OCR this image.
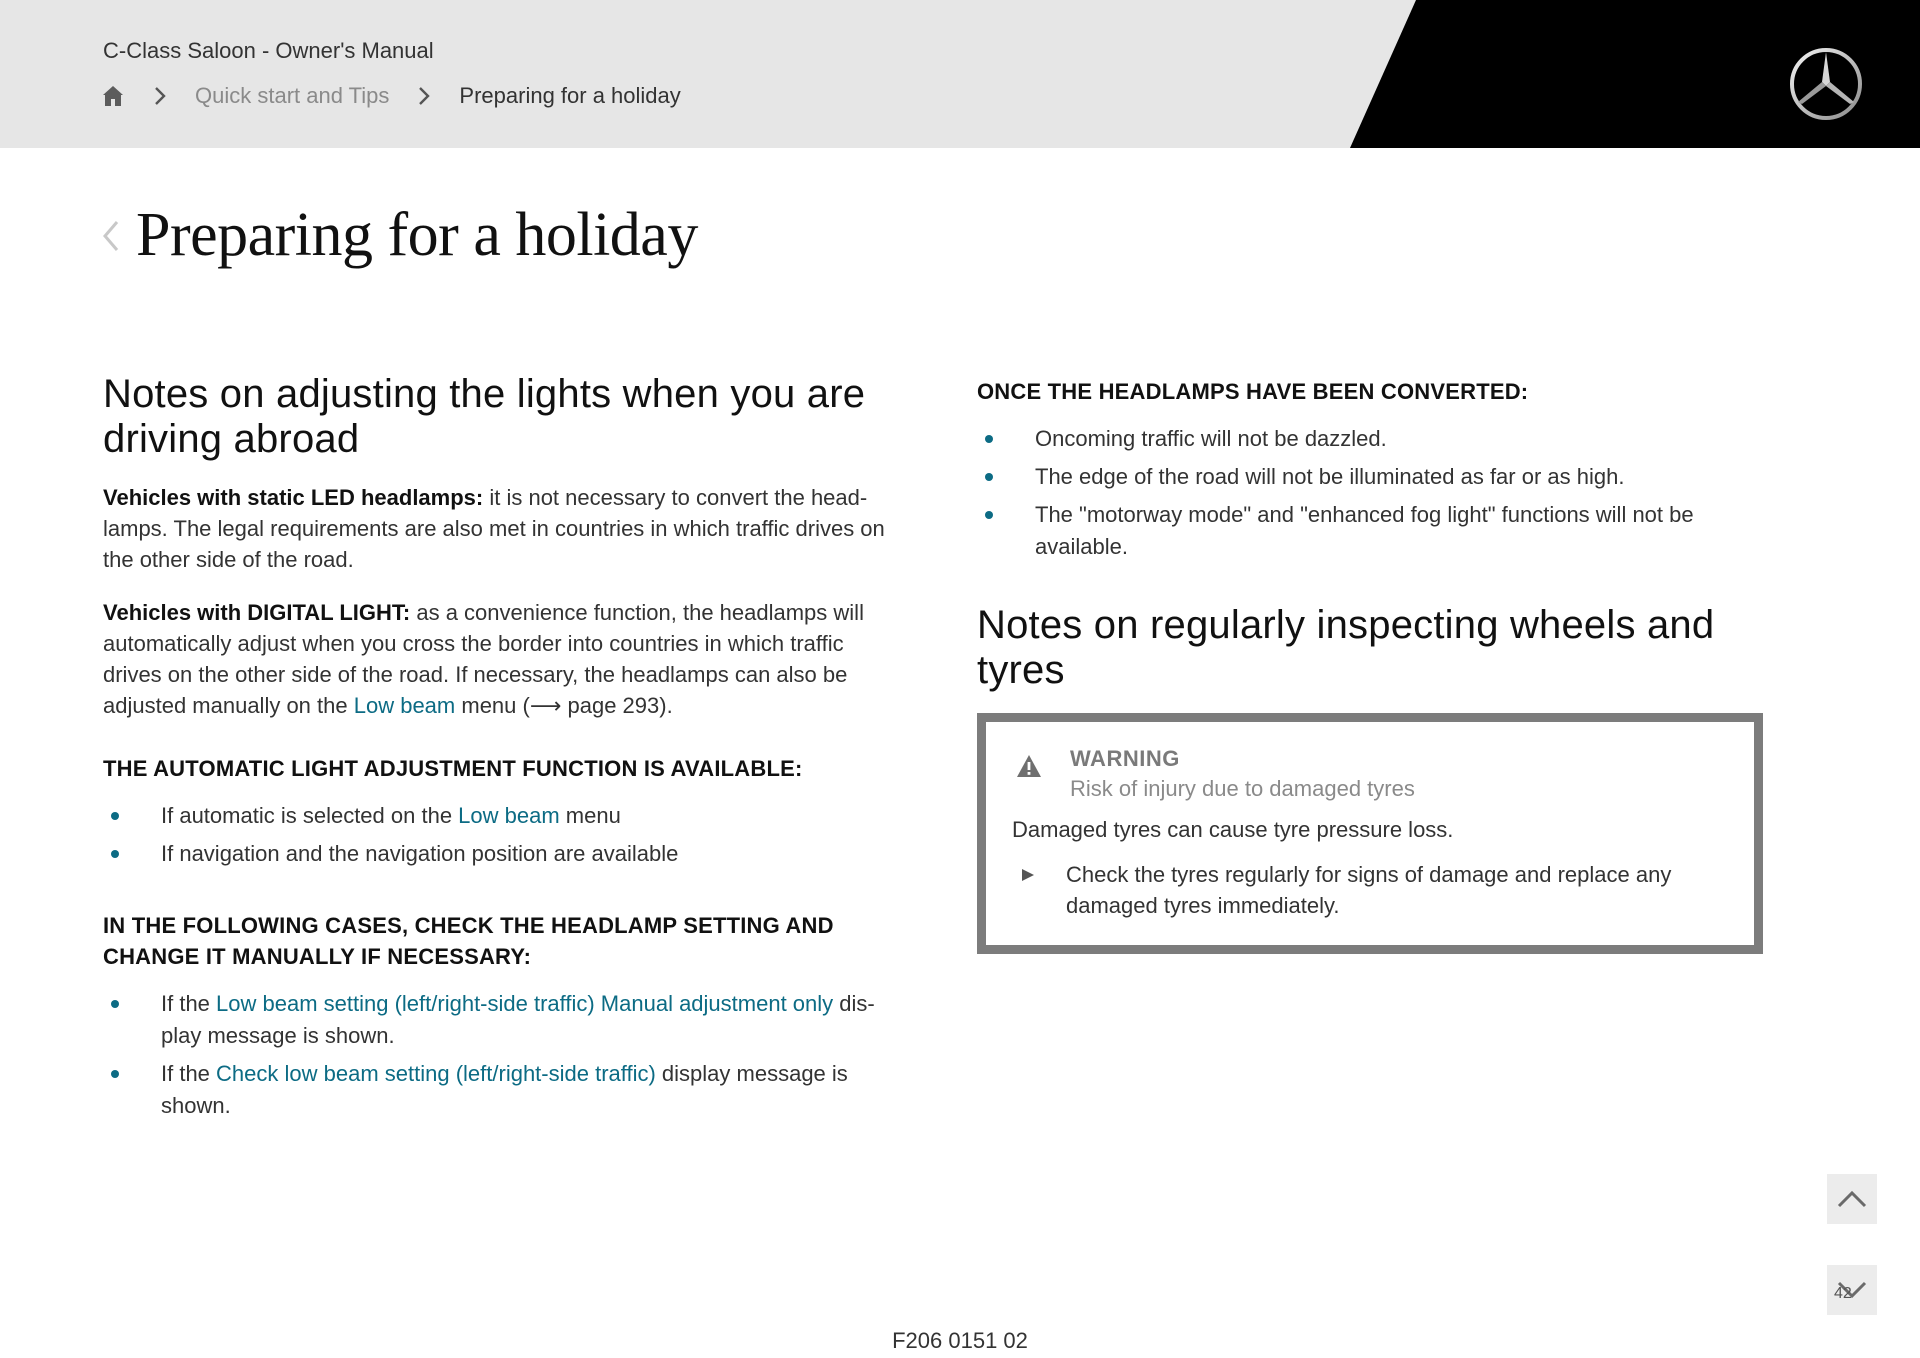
C-Class Saloon - Owner's Manual
Quick start and Tips	Preparing for a holiday
Preparing for a holiday
Notes on adjusting the lights when you are driving abroad

Vehicles with static LED headlamps: it is not necessary to convert the head-lamps. The legal requirements are also met in countries in which traffic drives on the other side of the road.

Vehicles with DIGITAL LIGHT: as a convenience function, the headlamps will automatically adjust when you cross the border into countries in which traffic drives on the other side of the road. If necessary, the headlamps can also be adjusted manually on the Low beam menu (⟶ page 293).

THE AUTOMATIC LIGHT ADJUSTMENT FUNCTION IS AVAILABLE:
If automatic is selected on the Low beam menu
If navigation and the navigation position are available
IN THE FOLLOWING CASES, CHECK THE HEADLAMP SETTING AND CHANGE IT MANUALLY IF NECESSARY:
If the Low beam setting (left/right-side traffic) Manual adjustment only dis-play message is shown.
If the Check low beam setting (left/right-side traffic) display message is shown.
ONCE THE HEADLAMPS HAVE BEEN CONVERTED:
Oncoming traffic will not be dazzled.
The edge of the road will not be illuminated as far or as high.
The "motorway mode" and "enhanced fog light" functions will not be available.
Notes on regularly inspecting wheels and tyres
WARNING
Risk of injury due to damaged tyres
Damaged tyres can cause tyre pressure loss.
Check the tyres regularly for signs of damage and replace any damaged tyres immediately.
42
F206 0151 02
